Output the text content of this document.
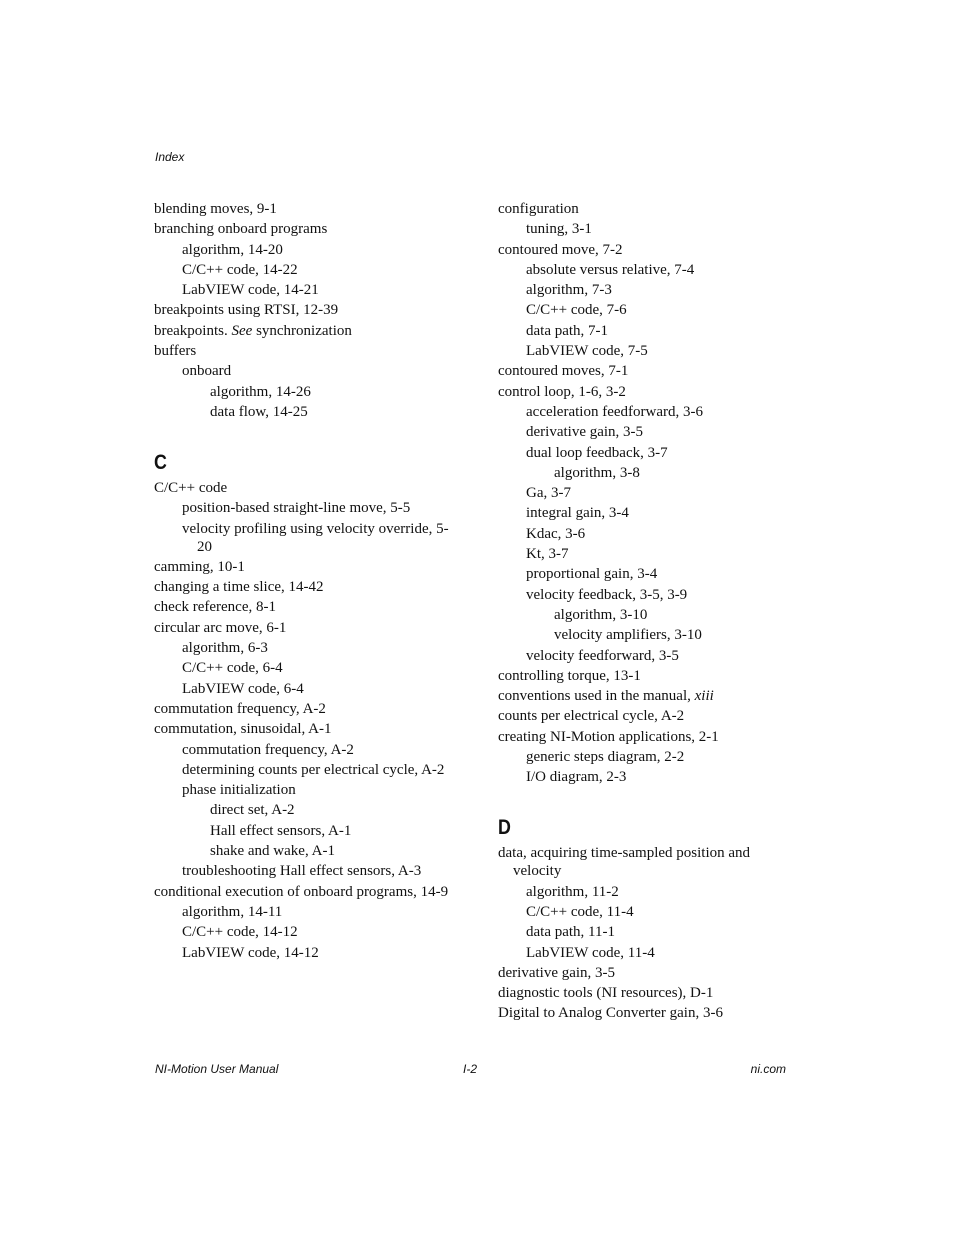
Index
blending moves, 9-1
branching onboard programs
algorithm, 14-20
C/C++ code, 14-22
LabVIEW code, 14-21
breakpoints using RTSI, 12-39
breakpoints. See synchronization
buffers
onboard
algorithm, 14-26
data flow, 14-25
C
C/C++ code
position-based straight-line move, 5-5
velocity profiling using velocity override, 5-20
camming, 10-1
changing a time slice, 14-42
check reference, 8-1
circular arc move, 6-1
algorithm, 6-3
C/C++ code, 6-4
LabVIEW code, 6-4
commutation frequency, A-2
commutation, sinusoidal, A-1
commutation frequency, A-2
determining counts per electrical cycle, A-2
phase initialization
direct set, A-2
Hall effect sensors, A-1
shake and wake, A-1
troubleshooting Hall effect sensors, A-3
conditional execution of onboard programs, 14-9
algorithm, 14-11
C/C++ code, 14-12
LabVIEW code, 14-12
configuration
tuning, 3-1
contoured move, 7-2
absolute versus relative, 7-4
algorithm, 7-3
C/C++ code, 7-6
data path, 7-1
LabVIEW code, 7-5
contoured moves, 7-1
control loop, 1-6, 3-2
acceleration feedforward, 3-6
derivative gain, 3-5
dual loop feedback, 3-7
algorithm, 3-8
Ga, 3-7
integral gain, 3-4
Kdac, 3-6
Kt, 3-7
proportional gain, 3-4
velocity feedback, 3-5, 3-9
algorithm, 3-10
velocity amplifiers, 3-10
velocity feedforward, 3-5
controlling torque, 13-1
conventions used in the manual, xiii
counts per electrical cycle, A-2
creating NI-Motion applications, 2-1
generic steps diagram, 2-2
I/O diagram, 2-3
D
data, acquiring time-sampled position and velocity
algorithm, 11-2
C/C++ code, 11-4
data path, 11-1
LabVIEW code, 11-4
derivative gain, 3-5
diagnostic tools (NI resources), D-1
Digital to Analog Converter gain, 3-6
NI-Motion User Manual	I-2	ni.com
